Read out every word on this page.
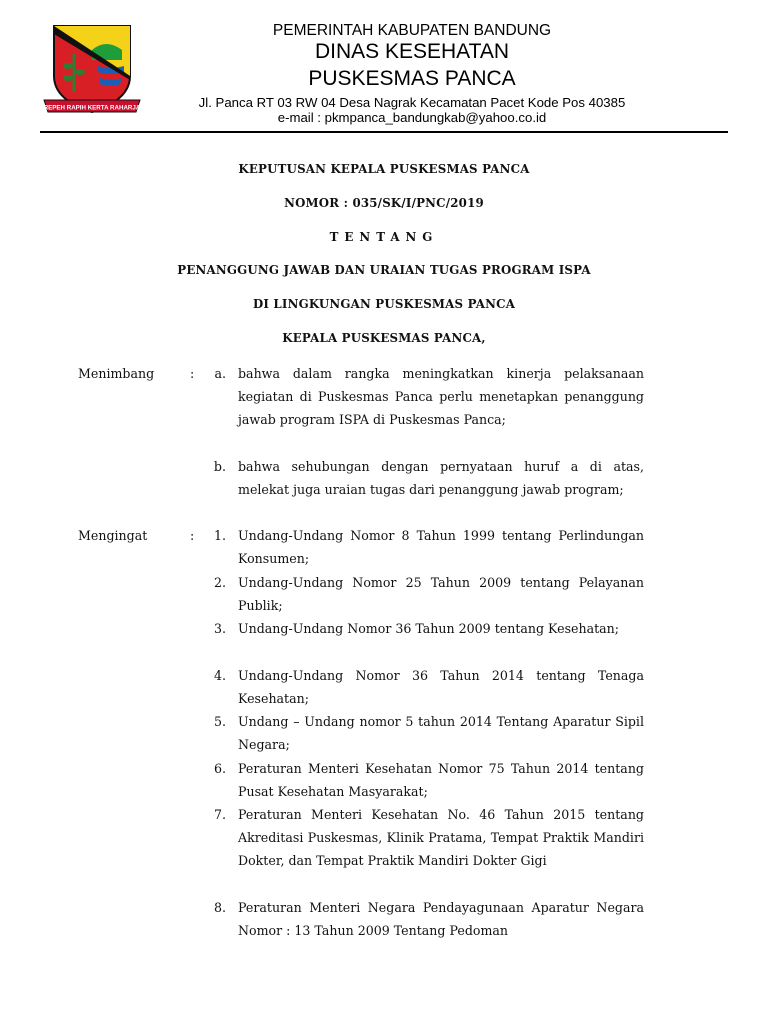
REPEH RAPIH KERTA RAHARJA
PEMERINTAH KABUPATEN BANDUNG
DINAS KESEHATAN
PUSKESMAS PANCA
Jl. Panca RT 03 RW 04 Desa Nagrak Kecamatan Pacet Kode Pos 40385
e-mail : pkmpanca_bandungkab@yahoo.co.id
KEPUTUSAN KEPALA PUSKESMAS PANCA
NOMOR : 035/SK/I/PNC/2019
TENTANG
PENANGGUNG JAWAB DAN URAIAN TUGAS PROGRAM ISPA
DI LINGKUNGAN PUSKESMAS PANCA
KEPALA PUSKESMAS PANCA,
Menimbang	:	a. bahwa dalam rangka meningkatkan kinerja pelaksanaan kegiatan di Puskesmas Panca perlu menetapkan penanggung jawab program ISPA di Puskesmas Panca;
b. bahwa sehubungan dengan pernyataan huruf a di atas, melekat juga uraian tugas dari penanggung jawab program;
Mengingat	:	1. Undang-Undang Nomor 8 Tahun 1999 tentang Perlindungan Konsumen;
2. Undang-Undang Nomor 25 Tahun 2009 tentang Pelayanan Publik;
3. Undang-Undang Nomor 36 Tahun 2009 tentang Kesehatan;
4. Undang-Undang Nomor 36 Tahun 2014 tentang Tenaga Kesehatan;
5. Undang – Undang nomor 5 tahun 2014 Tentang Aparatur Sipil Negara;
6. Peraturan Menteri Kesehatan Nomor 75 Tahun 2014 tentang Pusat Kesehatan Masyarakat;
7. Peraturan Menteri Kesehatan No. 46 Tahun 2015 tentang Akreditasi Puskesmas, Klinik Pratama, Tempat Praktik Mandiri Dokter, dan Tempat Praktik Mandiri Dokter Gigi
8. Peraturan Menteri Negara Pendayagunaan Aparatur Negara Nomor : 13 Tahun 2009 Tentang Pedoman
